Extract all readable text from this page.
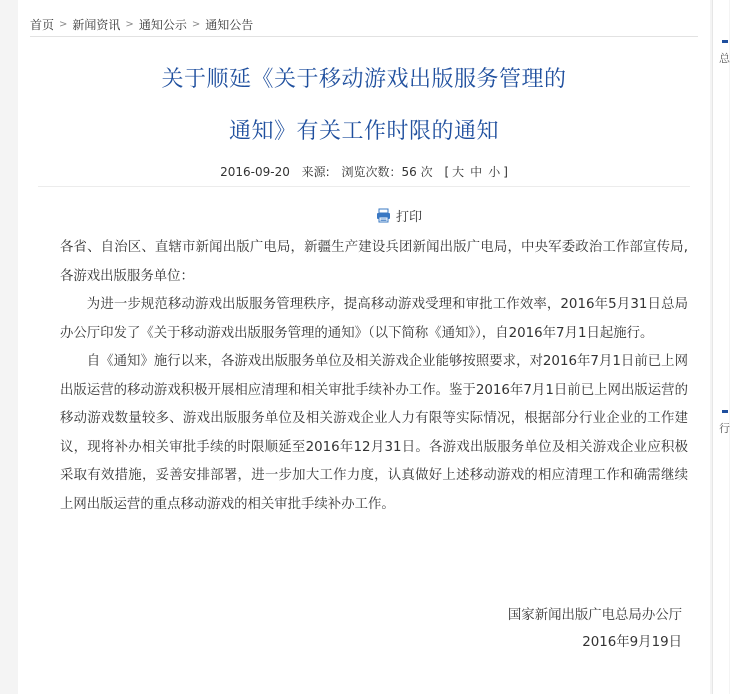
首页 > 新闻资讯 > 通知公示 > 通知公告
关于顺延《关于移动游戏出版服务管理的
通知》有关工作时限的通知
2016-09-20 来源: 浏览次数：56 次 [ 大 中 小 ]
打印

各省、自治区、直辖市新闻出版广电局，新疆生产建设兵团新闻出版广电局，中央军委政治工作部宣传局,各游戏出版服务单位：

为进一步规范移动游戏出版服务管理秩序，提高移动游戏受理和审批工作效率，2016年5月31日总局办公厅印发了《关于移动游戏出版服务管理的通知》（以下简称《通知》），自2016年7月1日起施行。

自《通知》施行以来，各游戏出版服务单位及相关游戏企业能够按照要求，对2016年7月1日前已上网出版运营的移动游戏积极开展相应清理和相关审批手续补办工作。鉴于2016年7月1日前已上网出版运营的移动游戏数量较多、游戏出版服务单位及相关游戏企业人力有限等实际情况，根据部分行业企业的工作建议，现将补办相关审批手续的时限顺延至2016年12月31日。各游戏出版服务单位及相关游戏企业应积极采取有效措施，妥善安排部署，进一步加大工作力度，认真做好上述移动游戏的相应清理工作和确需继续上网出版运营的重点移动游戏的相关审批手续补办工作。

国家新闻出版广电总局办公厅
2016年9月19日
总
行
